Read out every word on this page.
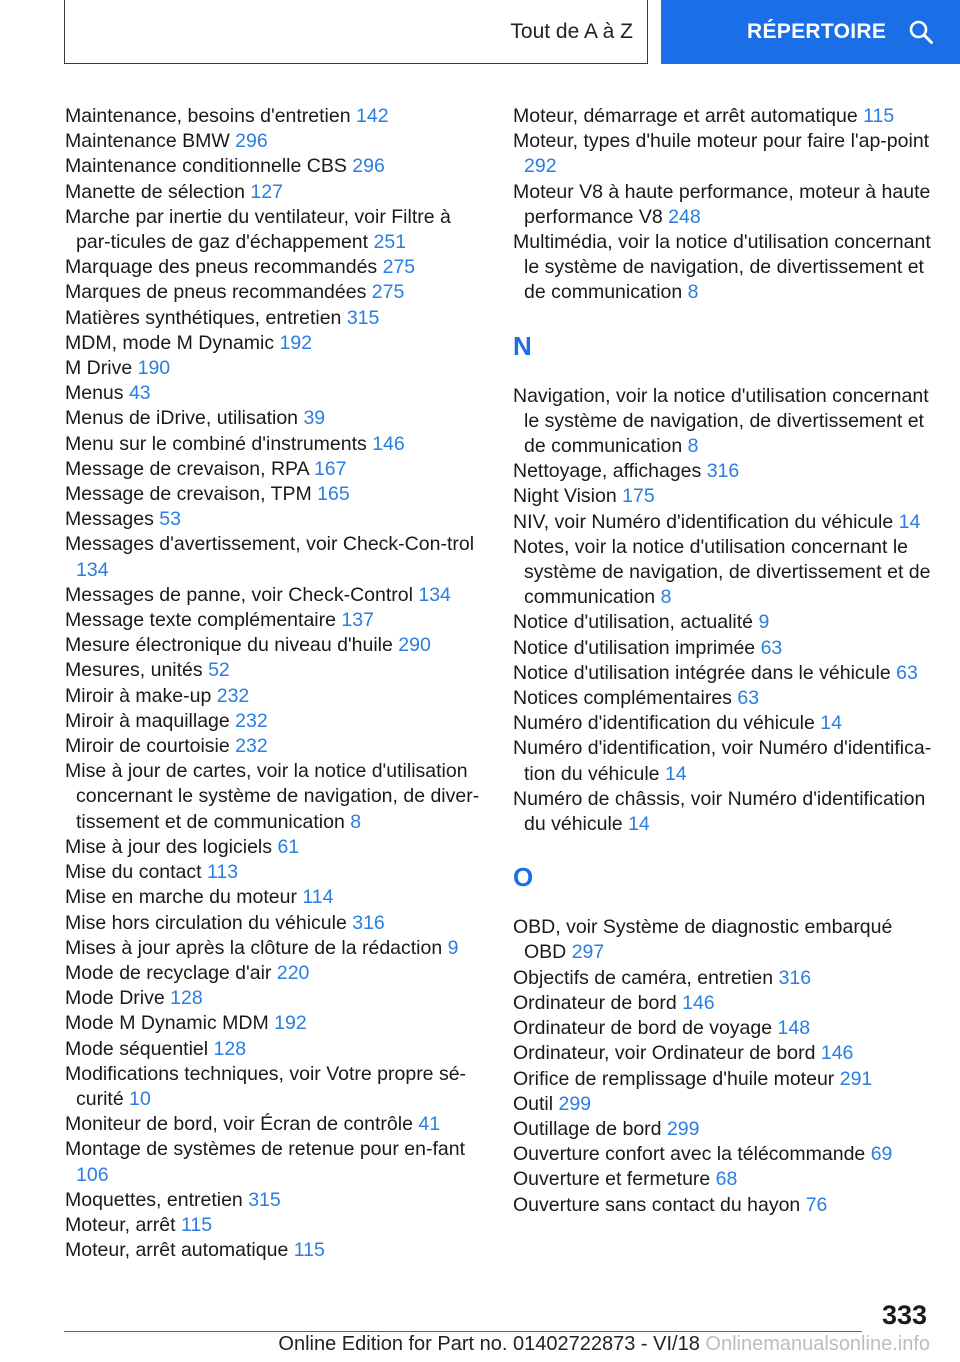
Tout de A à Z	RÉPERTOIRE
Maintenance, besoins d'entretien 142
Maintenance BMW 296
Maintenance conditionnelle CBS 296
Manette de sélection 127
Marche par inertie du ventilateur, voir Filtre à par-ticules de gaz d'échappement 251
Marquage des pneus recommandés 275
Marques de pneus recommandées 275
Matières synthétiques, entretien 315
MDM, mode M Dynamic 192
M Drive 190
Menus 43
Menus de iDrive, utilisation 39
Menu sur le combiné d'instruments 146
Message de crevaison, RPA 167
Message de crevaison, TPM 165
Messages 53
Messages d'avertissement, voir Check-Con-trol 134
Messages de panne, voir Check-Control 134
Message texte complémentaire 137
Mesure électronique du niveau d'huile 290
Mesures, unités 52
Miroir à make-up 232
Miroir à maquillage 232
Miroir de courtoisie 232
Mise à jour de cartes, voir la notice d'utilisation concernant le système de navigation, de diver-tissement et de communication 8
Mise à jour des logiciels 61
Mise du contact 113
Mise en marche du moteur 114
Mise hors circulation du véhicule 316
Mises à jour après la clôture de la rédaction 9
Mode de recyclage d'air 220
Mode Drive 128
Mode M Dynamic MDM 192
Mode séquentiel 128
Modifications techniques, voir Votre propre sé-curité 10
Moniteur de bord, voir Écran de contrôle 41
Montage de systèmes de retenue pour en-fant 106
Moquettes, entretien 315
Moteur, arrêt 115
Moteur, arrêt automatique 115
Moteur, démarrage et arrêt automatique 115
Moteur, types d'huile moteur pour faire l'ap-point 292
Moteur V8 à haute performance, moteur à haute performance V8 248
Multimédia, voir la notice d'utilisation concernant le système de navigation, de divertissement et de communication 8
N
Navigation, voir la notice d'utilisation concernant le système de navigation, de divertissement et de communication 8
Nettoyage, affichages 316
Night Vision 175
NIV, voir Numéro d'identification du véhicule 14
Notes, voir la notice d'utilisation concernant le système de navigation, de divertissement et de communication 8
Notice d'utilisation, actualité 9
Notice d'utilisation imprimée 63
Notice d'utilisation intégrée dans le véhicule 63
Notices complémentaires 63
Numéro d'identification du véhicule 14
Numéro d'identification, voir Numéro d'identifica-tion du véhicule 14
Numéro de châssis, voir Numéro d'identification du véhicule 14
O
OBD, voir Système de diagnostic embarqué OBD 297
Objectifs de caméra, entretien 316
Ordinateur de bord 146
Ordinateur de bord de voyage 148
Ordinateur, voir Ordinateur de bord 146
Orifice de remplissage d'huile moteur 291
Outil 299
Outillage de bord 299
Ouverture confort avec la télécommande 69
Ouverture et fermeture 68
Ouverture sans contact du hayon 76
333
Online Edition for Part no. 01402722873 - VI/18 Onlinemanualsonline.info
